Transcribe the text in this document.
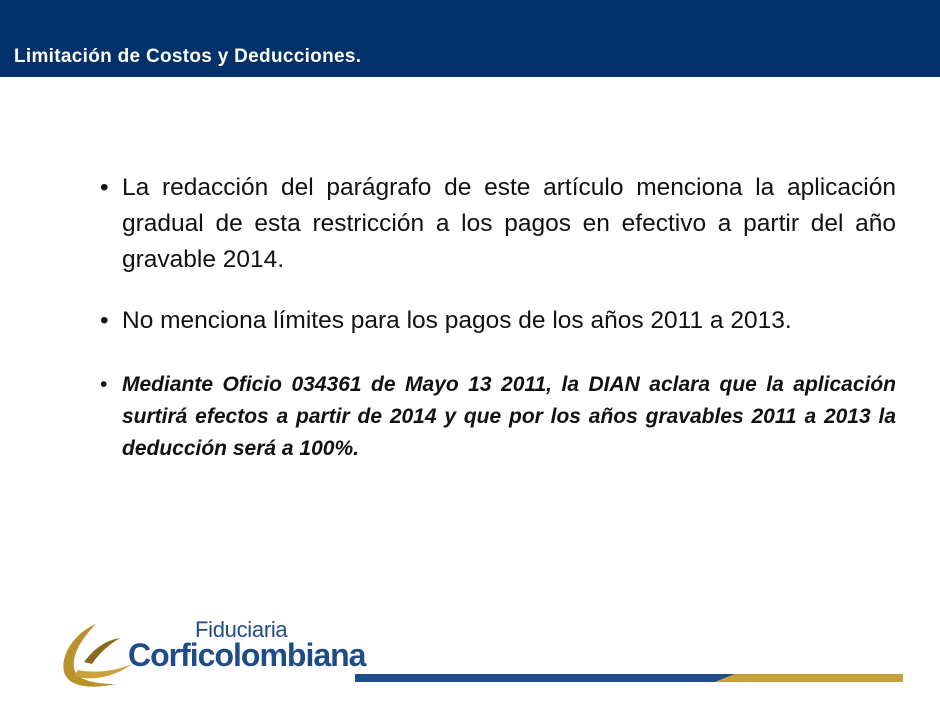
Limitación de Costos y Deducciones.
• La redacción del parágrafo de este artículo menciona la aplicación gradual de esta restricción a los pagos en efectivo a partir del año gravable 2014.
• No menciona límites para los pagos de los años 2011 a 2013.
• Mediante Oficio 034361 de Mayo 13 2011, la DIAN aclara que la aplicación surtirá efectos a partir de 2014 y que por los años gravables 2011 a 2013 la deducción será a 100%.
Fiduciaria
Corficolombiana
